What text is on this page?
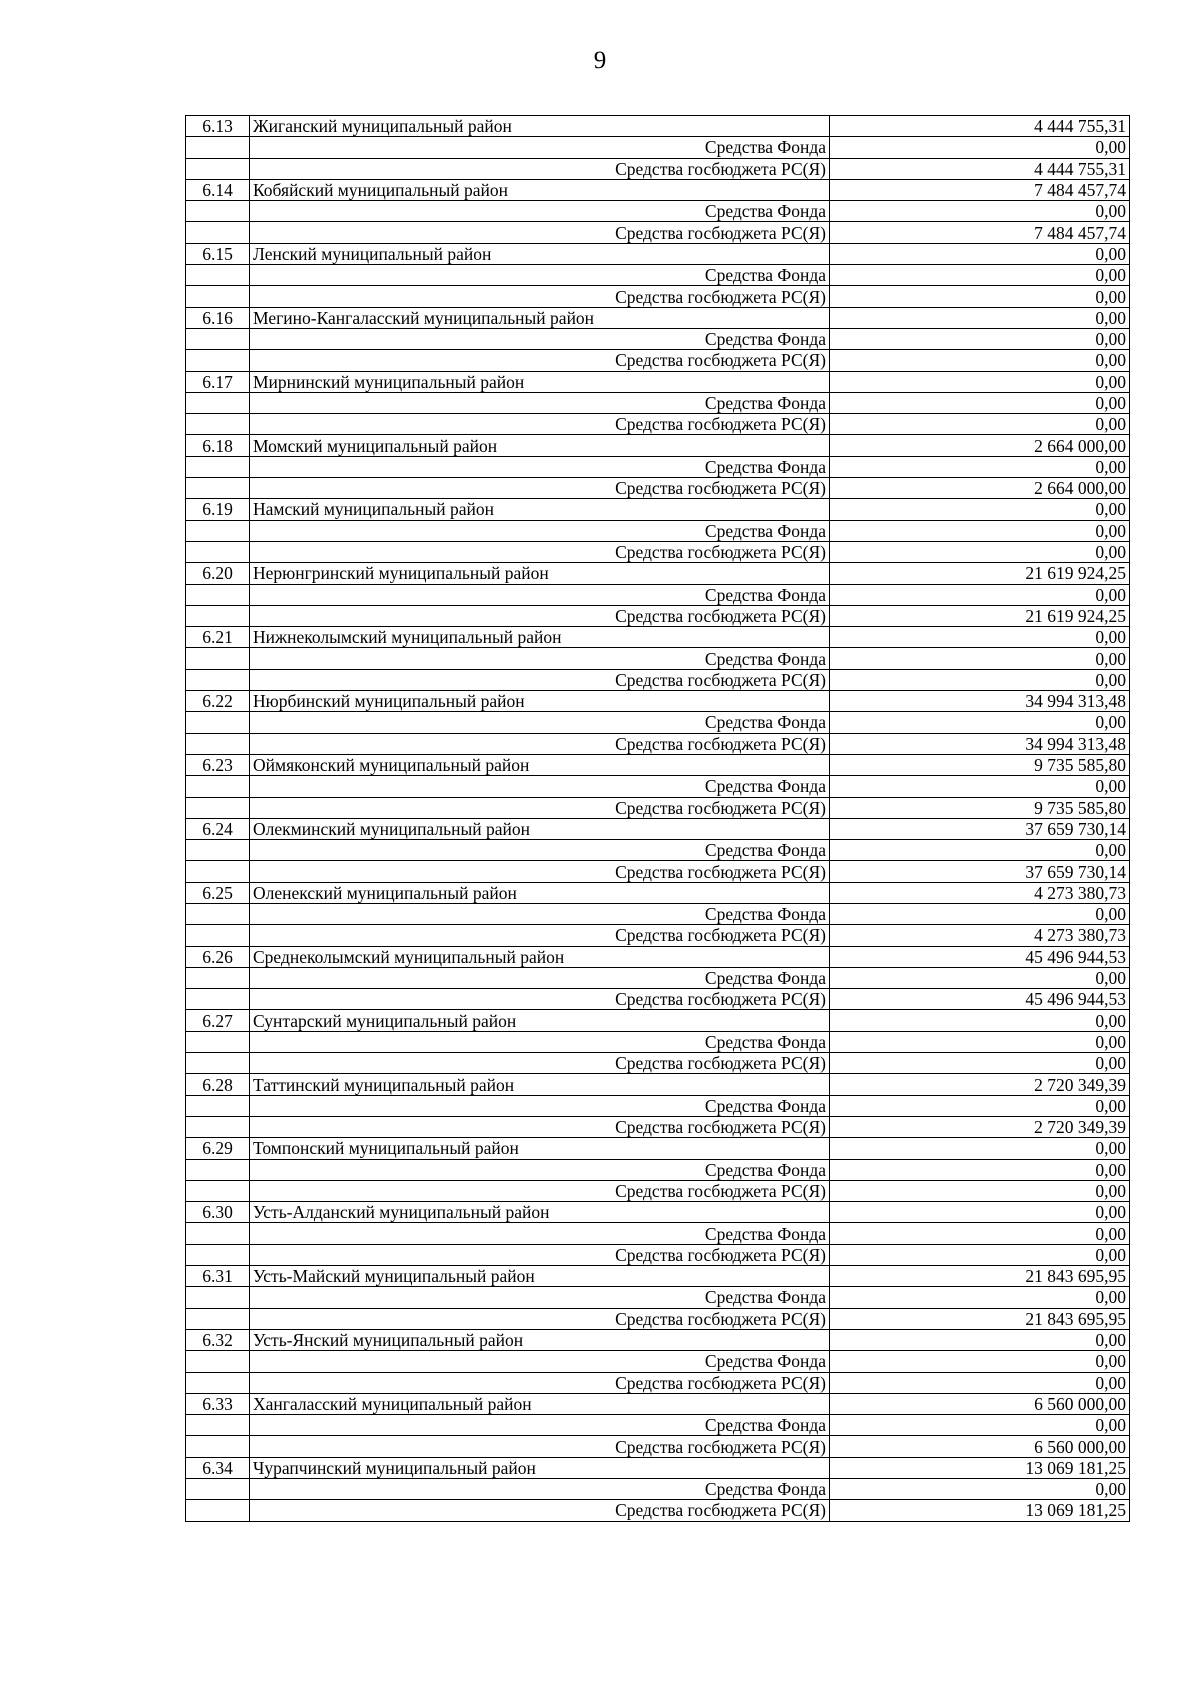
9
6.13	Жиганский муниципальный район	4 444 755,31
	Средства Фонда	0,00
	Средства госбюджета РС(Я)	4 444 755,31
6.14	Кобяйский муниципальный район	7 484 457,74
	Средства Фонда	0,00
	Средства госбюджета РС(Я)	7 484 457,74
6.15	Ленский муниципальный район	0,00
	Средства Фонда	0,00
	Средства госбюджета РС(Я)	0,00
6.16	Мегино-Кангаласский муниципальный район	0,00
	Средства Фонда	0,00
	Средства госбюджета РС(Я)	0,00
6.17	Мирнинский муниципальный район	0,00
	Средства Фонда	0,00
	Средства госбюджета РС(Я)	0,00
6.18	Момский муниципальный район	2 664 000,00
	Средства Фонда	0,00
	Средства госбюджета РС(Я)	2 664 000,00
6.19	Намский муниципальный район	0,00
	Средства Фонда	0,00
	Средства госбюджета РС(Я)	0,00
6.20	Нерюнгринский муниципальный район	21 619 924,25
	Средства Фонда	0,00
	Средства госбюджета РС(Я)	21 619 924,25
6.21	Нижнеколымский муниципальный район	0,00
	Средства Фонда	0,00
	Средства госбюджета РС(Я)	0,00
6.22	Нюрбинский муниципальный район	34 994 313,48
	Средства Фонда	0,00
	Средства госбюджета РС(Я)	34 994 313,48
6.23	Оймяконский муниципальный район	9 735 585,80
	Средства Фонда	0,00
	Средства госбюджета РС(Я)	9 735 585,80
6.24	Олекминский муниципальный район	37 659 730,14
	Средства Фонда	0,00
	Средства госбюджета РС(Я)	37 659 730,14
6.25	Оленекский муниципальный район	4 273 380,73
	Средства Фонда	0,00
	Средства госбюджета РС(Я)	4 273 380,73
6.26	Среднеколымский муниципальный район	45 496 944,53
	Средства Фонда	0,00
	Средства госбюджета РС(Я)	45 496 944,53
6.27	Сунтарский муниципальный район	0,00
	Средства Фонда	0,00
	Средства госбюджета РС(Я)	0,00
6.28	Таттинский муниципальный район	2 720 349,39
	Средства Фонда	0,00
	Средства госбюджета РС(Я)	2 720 349,39
6.29	Томпонский муниципальный район	0,00
	Средства Фонда	0,00
	Средства госбюджета РС(Я)	0,00
6.30	Усть-Алданский муниципальный район	0,00
	Средства Фонда	0,00
	Средства госбюджета РС(Я)	0,00
6.31	Усть-Майский муниципальный район	21 843 695,95
	Средства Фонда	0,00
	Средства госбюджета РС(Я)	21 843 695,95
6.32	Усть-Янский муниципальный район	0,00
	Средства Фонда	0,00
	Средства госбюджета РС(Я)	0,00
6.33	Хангаласский муниципальный район	6 560 000,00
	Средства Фонда	0,00
	Средства госбюджета РС(Я)	6 560 000,00
6.34	Чурапчинский муниципальный район	13 069 181,25
	Средства Фонда	0,00
	Средства госбюджета РС(Я)	13 069 181,25
